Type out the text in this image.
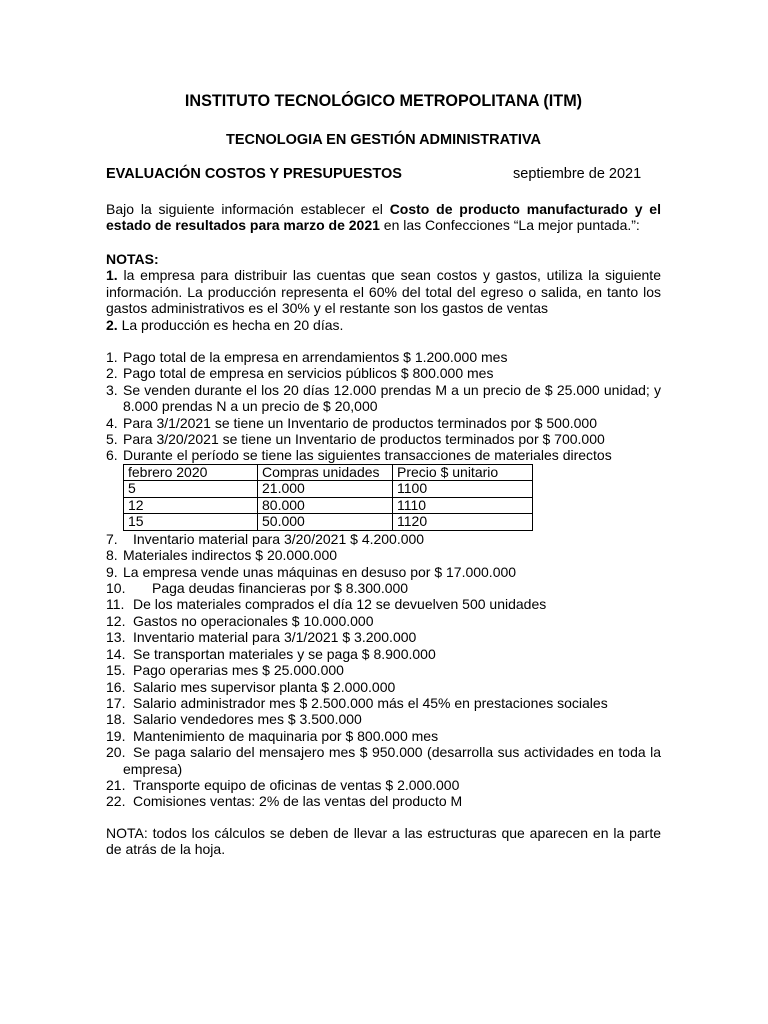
INSTITUTO TECNOLÓGICO METROPOLITANA (ITM)
TECNOLOGIA EN GESTIÓN ADMINISTRATIVA
EVALUACIÓN COSTOS Y PRESUPUESTOS	septiembre de 2021
Bajo la siguiente información establecer el Costo de producto manufacturado y el estado de resultados para marzo de 2021 en las Confecciones “La mejor puntada.”:
NOTAS:
1. la empresa para distribuir las cuentas que sean costos y gastos, utiliza la siguiente información. La producción representa el 60% del total del egreso o salida, en tanto los gastos administrativos es el 30% y el restante son los gastos de ventas
2. La producción es hecha en 20 días.
1. Pago total de la empresa en arrendamientos $ 1.200.000 mes
2. Pago total de empresa en servicios públicos $ 800.000 mes
3. Se venden durante el los 20 días 12.000 prendas M a un precio de $ 25.000 unidad; y 8.000 prendas N a un precio de $ 20,000
4. Para 3/1/2021 se tiene un Inventario de productos terminados por $ 500.000
5. Para 3/20/2021 se tiene un Inventario de productos terminados por $ 700.000
6. Durante el período se tiene las siguientes transacciones de materiales directos
febrero 2020	Compras unidades	Precio $ unitario
5	21.000	1100
12	80.000	1110
15	50.000	1120
7. Inventario material para 3/20/2021 $ 4.200.000
8. Materiales indirectos $ 20.000.000
9. La empresa vende unas máquinas en desuso por $ 17.000.000
10. Paga deudas financieras por $ 8.300.000
11. De los materiales comprados el día 12 se devuelven 500 unidades
12. Gastos no operacionales $ 10.000.000
13. Inventario material para 3/1/2021 $ 3.200.000
14. Se transportan materiales y se paga $ 8.900.000
15. Pago operarias mes $ 25.000.000
16. Salario mes supervisor planta $ 2.000.000
17. Salario administrador mes $ 2.500.000 más el 45% en prestaciones sociales
18. Salario vendedores mes $ 3.500.000
19. Mantenimiento de maquinaria por $ 800.000 mes
20. Se paga salario del mensajero mes $ 950.000 (desarrolla sus actividades en toda la empresa)
21. Transporte equipo de oficinas de ventas $ 2.000.000
22. Comisiones ventas: 2% de las ventas del producto M
NOTA: todos los cálculos se deben de llevar a las estructuras que aparecen en la parte de atrás de la hoja.
